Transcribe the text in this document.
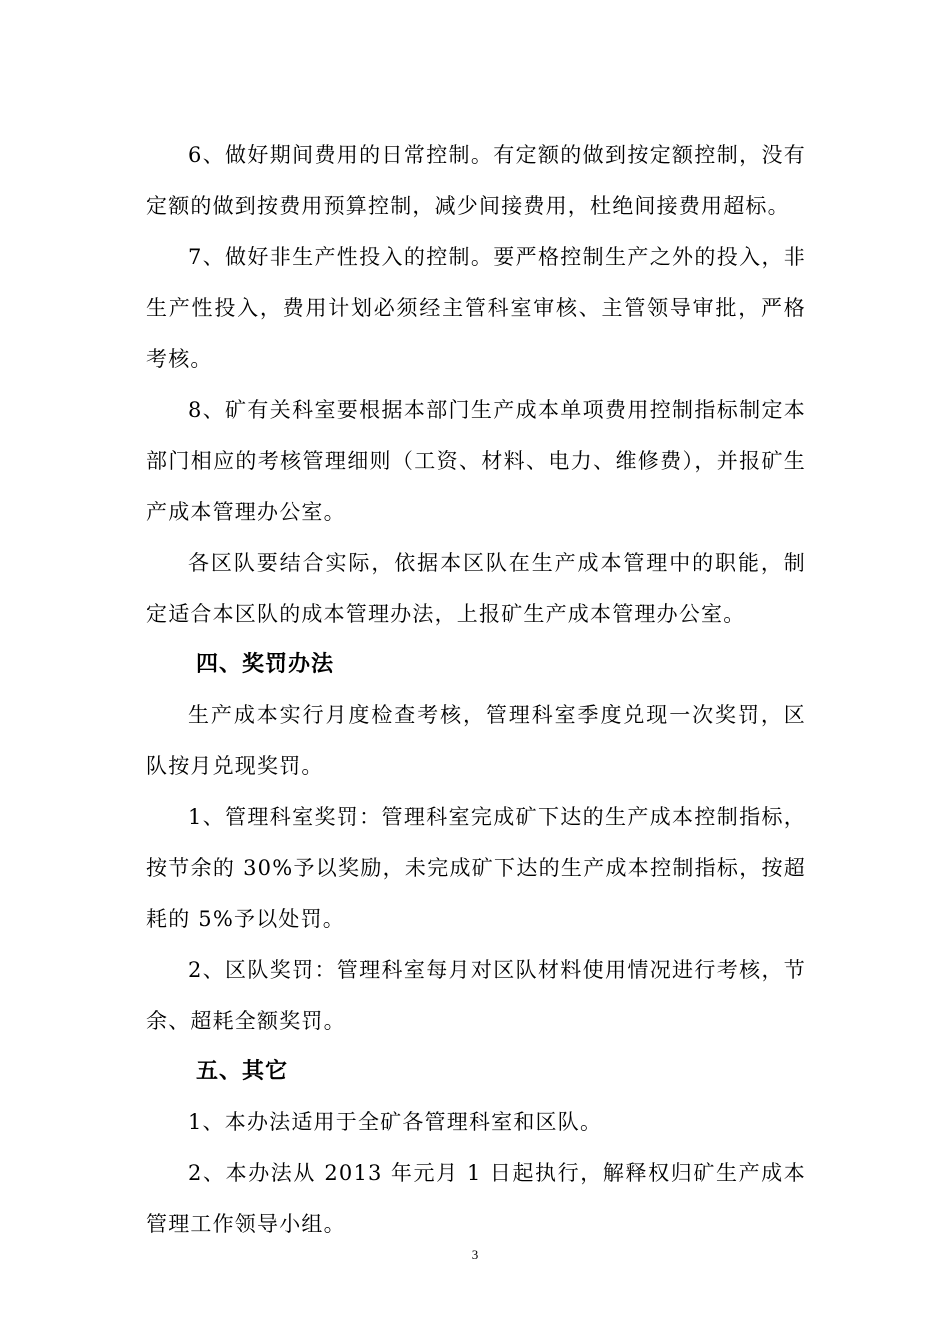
6、做好期间费用的日常控制。有定额的做到按定额控制，没有定额的做到按费用预算控制，减少间接费用，杜绝间接费用超标。

7、做好非生产性投入的控制。要严格控制生产之外的投入，非生产性投入，费用计划必须经主管科室审核、主管领导审批，严格考核。

8、矿有关科室要根据本部门生产成本单项费用控制指标制定本部门相应的考核管理细则（工资、材料、电力、维修费），并报矿生产成本管理办公室。

各区队要结合实际，依据本区队在生产成本管理中的职能，制定适合本区队的成本管理办法，上报矿生产成本管理办公室。

四、奖罚办法

生产成本实行月度检查考核，管理科室季度兑现一次奖罚，区队按月兑现奖罚。

1、管理科室奖罚：管理科室完成矿下达的生产成本控制指标，按节余的 30%予以奖励，未完成矿下达的生产成本控制指标，按超耗的 5%予以处罚。

2、区队奖罚：管理科室每月对区队材料使用情况进行考核，节余、超耗全额奖罚。

五、其它

1、本办法适用于全矿各管理科室和区队。

2、本办法从 2013 年元月 1 日起执行，解释权归矿生产成本管理工作领导小组。

3
